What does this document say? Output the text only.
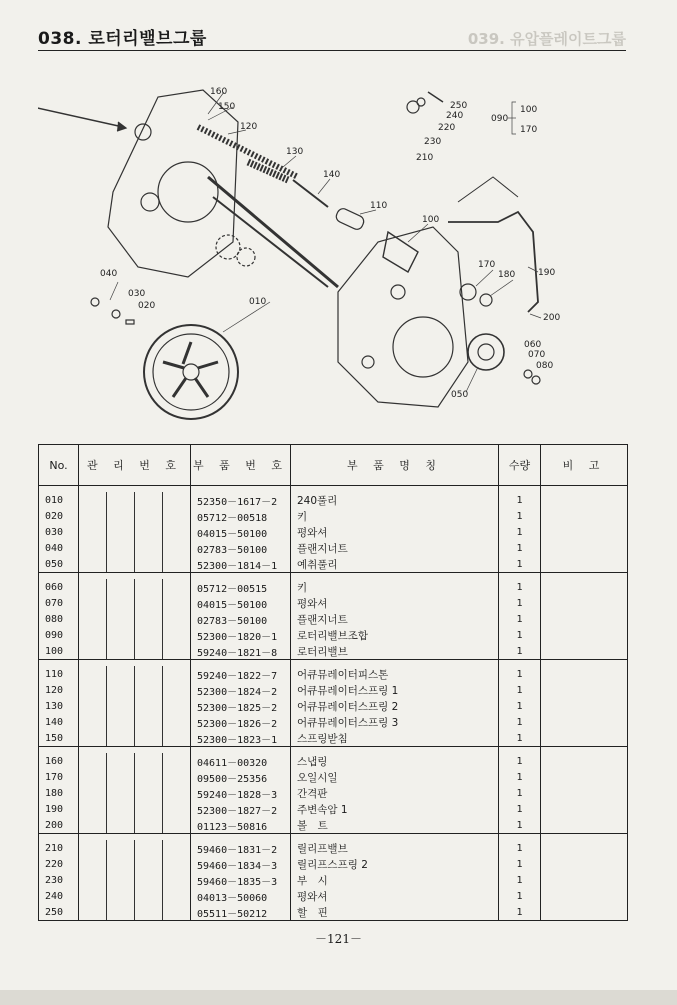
038. 로터리밸브그룹	039. 유압플레이트그룹
160
150
120
130
140
110
100
250
240
220
230
210
090
100
170
040
030
020	010
170
180	190
200
060
070
080
050
No.	관 리 번 호	부 품 번 호	부 품 명 칭	수량	비 고
010		52350－1617－2	240풀리	1	
020		05712－00518	키	1	
030		04015－50100	평와셔	1	
040		02783－50100	플랜지너트	1	
050		52300－1814－1	예취풀리	1	
060		05712－00515	키	1	
070		04015－50100	평와셔	1	
080		02783－50100	플랜지너트	1	
090		52300－1820－1	로터리밸브조합	1	
100		59240－1821－8	로터리밸브	1	
110		59240－1822－7	어큐뮤레이터피스톤	1	
120		52300－1824－2	어큐뮤레이터스프링 1	1	
130		52300－1825－2	어큐뮤레이터스프링 2	1	
140		52300－1826－2	어큐뮤레이터스프링 3	1	
150		52300－1823－1	스프링받침	1	
160		04611－00320	스냅링	1	
170		09500－25356	오일시일	1	
180		59240－1828－3	간격판	1	
190		52300－1827－2	주변속암 1	1	
200		01123－50816	볼　트	1	
210		59460－1831－2	릴리프밸브	1	
220		59460－1834－3	릴리프스프링 2	1	
230		59460－1835－3	부　시	1	
240		04013－50060	평와셔	1	
250		05511－50212	할　핀	1	
－121－
